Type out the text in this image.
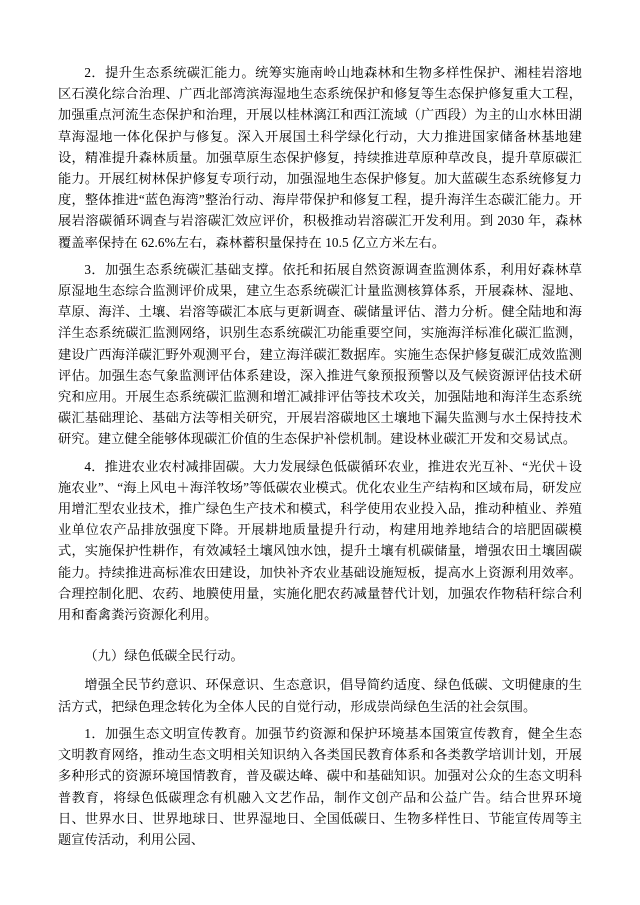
2．提升生态系统碳汇能力。统筹实施南岭山地森林和生物多样性保护、湘桂岩溶地区石漠化综合治理、广西北部湾滨海湿地生态系统保护和修复等生态保护修复重大工程，加强重点河流生态保护和治理，开展以桂林漓江和西江流域（广西段）为主的山水林田湖草海湿地一体化保护与修复。深入开展国土科学绿化行动，大力推进国家储备林基地建设，精准提升森林质量。加强草原生态保护修复，持续推进草原种草改良，提升草原碳汇能力。开展红树林保护修复专项行动，加强湿地生态保护修复。加大蓝碳生态系统修复力度，整体推进“蓝色海湾”整治行动、海岸带保护和修复工程，提升海洋生态碳汇能力。开展岩溶碳循环调查与岩溶碳汇效应评价，积极推动岩溶碳汇开发利用。到 2030 年，森林覆盖率保持在 62.6%左右，森林蓄积量保持在 10.5 亿立方米左右。

3．加强生态系统碳汇基础支撑。依托和拓展自然资源调查监测体系，利用好森林草原湿地生态综合监测评价成果，建立生态系统碳汇计量监测核算体系，开展森林、湿地、草原、海洋、土壤、岩溶等碳汇本底与更新调查、碳储量评估、潜力分析。健全陆地和海洋生态系统碳汇监测网络，识别生态系统碳汇功能重要空间，实施海洋标准化碳汇监测，建设广西海洋碳汇野外观测平台，建立海洋碳汇数据库。实施生态保护修复碳汇成效监测评估。加强生态气象监测评估体系建设，深入推进气象预报预警以及气候资源评估技术研究和应用。开展生态系统碳汇监测和增汇减排评估等技术攻关，加强陆地和海洋生态系统碳汇基础理论、基础方法等相关研究，开展岩溶碳地区土壤地下漏失监测与水土保持技术研究。建立健全能够体现碳汇价值的生态保护补偿机制。建设林业碳汇开发和交易试点。

4．推进农业农村减排固碳。大力发展绿色低碳循环农业，推进农光互补、“光伏＋设施农业”、“海上风电＋海洋牧场”等低碳农业模式。优化农业生产结构和区域布局，研发应用增汇型农业技术，推广绿色生产技术和模式，科学使用农业投入品，推动种植业、养殖业单位农产品排放强度下降。开展耕地质量提升行动，构建用地养地结合的培肥固碳模式，实施保护性耕作，有效减轻土壤风蚀水蚀，提升土壤有机碳储量，增强农田土壤固碳能力。持续推进高标准农田建设，加快补齐农业基础设施短板，提高水上资源利用效率。合理控制化肥、农药、地膜使用量，实施化肥农药减量替代计划，加强农作物秸秆综合利用和畜禽粪污资源化利用。

（九）绿色低碳全民行动。

增强全民节约意识、环保意识、生态意识，倡导简约适度、绿色低碳、文明健康的生活方式，把绿色理念转化为全体人民的自觉行动，形成崇尚绿色生活的社会氛围。

1．加强生态文明宣传教育。加强节约资源和保护环境基本国策宣传教育，健全生态文明教育网络，推动生态文明相关知识纳入各类国民教育体系和各类教学培训计划，开展多种形式的资源环境国情教育，普及碳达峰、碳中和基础知识。加强对公众的生态文明科普教育，将绿色低碳理念有机融入文艺作品，制作文创产品和公益广告。结合世界环境日、世界水日、世界地球日、世界湿地日、全国低碳日、生物多样性日、节能宣传周等主题宣传活动，利用公园、
